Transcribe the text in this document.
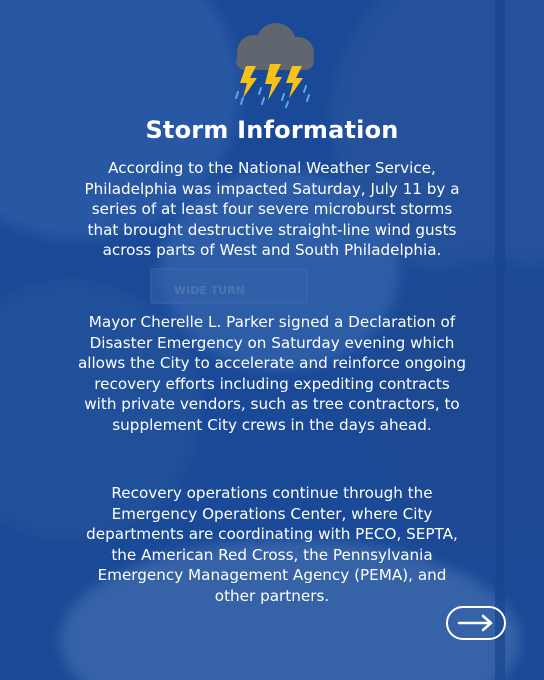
Storm Information

According to the National Weather Service, Philadelphia was impacted Saturday, July 11 by a series of at least four severe microburst storms that brought destructive straight-line wind gusts across parts of West and South Philadelphia.

Mayor Cherelle L. Parker signed a Declaration of Disaster Emergency on Saturday evening which allows the City to accelerate and reinforce ongoing recovery efforts including expediting contracts with private vendors, such as tree contractors, to supplement City crews in the days ahead.

Recovery operations continue through the Emergency Operations Center, where City departments are coordinating with PECO, SEPTA, the American Red Cross, the Pennsylvania Emergency Management Agency (PEMA), and other partners.
